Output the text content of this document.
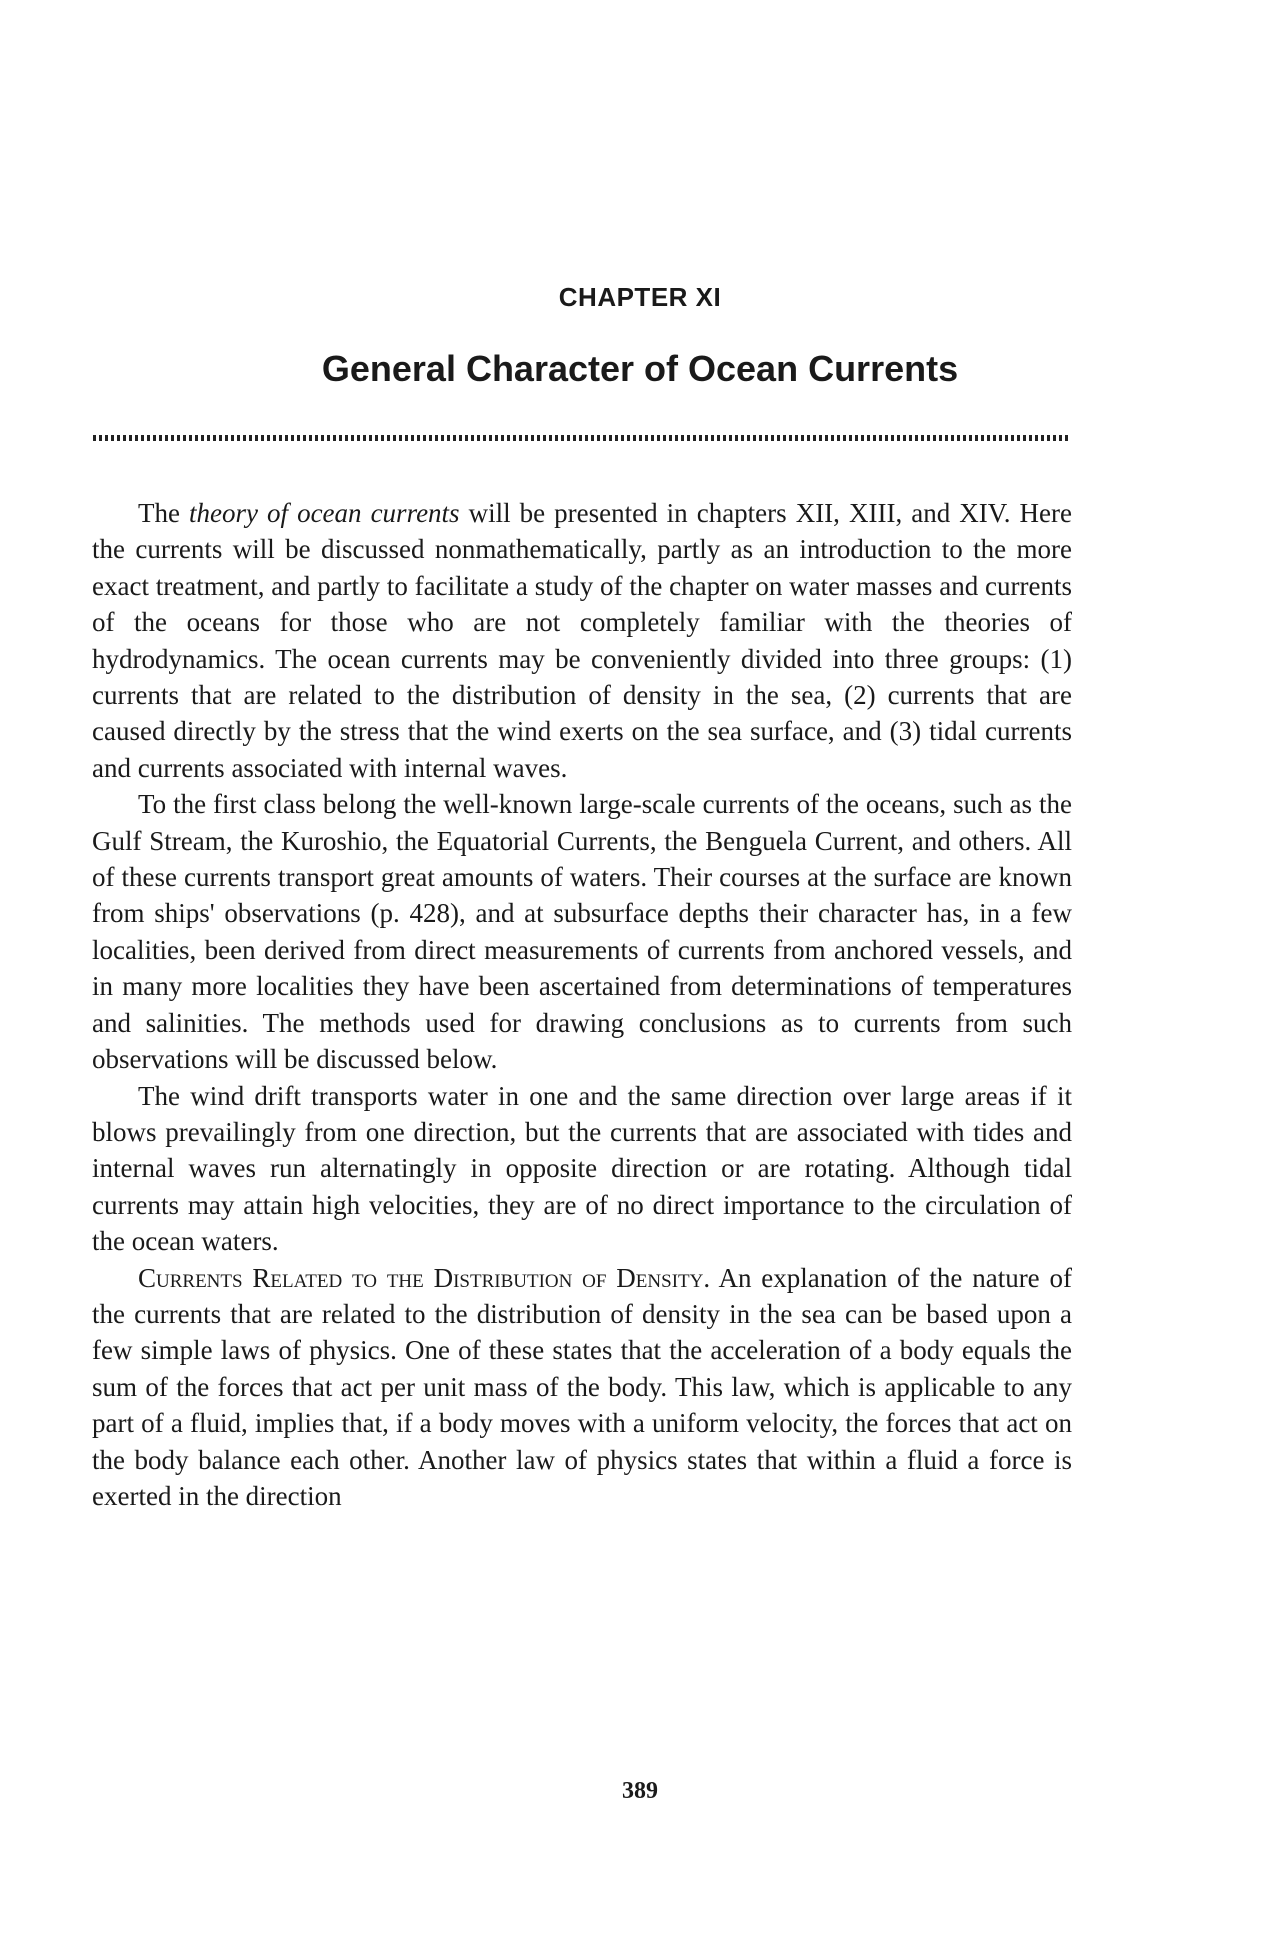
CHAPTER XI
General Character of Ocean Currents

The theory of ocean currents will be presented in chapters XII, XIII, and XIV. Here the currents will be discussed nonmathematically, partly as an introduction to the more exact treatment, and partly to facilitate a study of the chapter on water masses and currents of the oceans for those who are not completely familiar with the theories of hydrodynamics. The ocean currents may be conveniently divided into three groups: (1) currents that are related to the distribution of density in the sea, (2) currents that are caused directly by the stress that the wind exerts on the sea surface, and (3) tidal currents and currents associated with internal waves.

To the first class belong the well-known large-scale currents of the oceans, such as the Gulf Stream, the Kuroshio, the Equatorial Currents, the Benguela Current, and others. All of these currents transport great amounts of waters. Their courses at the surface are known from ships' observations (p. 428), and at subsurface depths their character has, in a few localities, been derived from direct measurements of currents from anchored vessels, and in many more localities they have been ascertained from determinations of temperatures and salinities. The methods used for drawing conclusions as to currents from such observations will be discussed below.

The wind drift transports water in one and the same direction over large areas if it blows prevailingly from one direction, but the currents that are associated with tides and internal waves run alternatingly in opposite direction or are rotating. Although tidal currents may attain high velocities, they are of no direct importance to the circulation of the ocean waters.

Currents Related to the Distribution of Density. An explanation of the nature of the currents that are related to the distribution of density in the sea can be based upon a few simple laws of physics. One of these states that the acceleration of a body equals the sum of the forces that act per unit mass of the body. This law, which is applicable to any part of a fluid, implies that, if a body moves with a uniform velocity, the forces that act on the body balance each other. Another law of physics states that within a fluid a force is exerted in the direction

389
